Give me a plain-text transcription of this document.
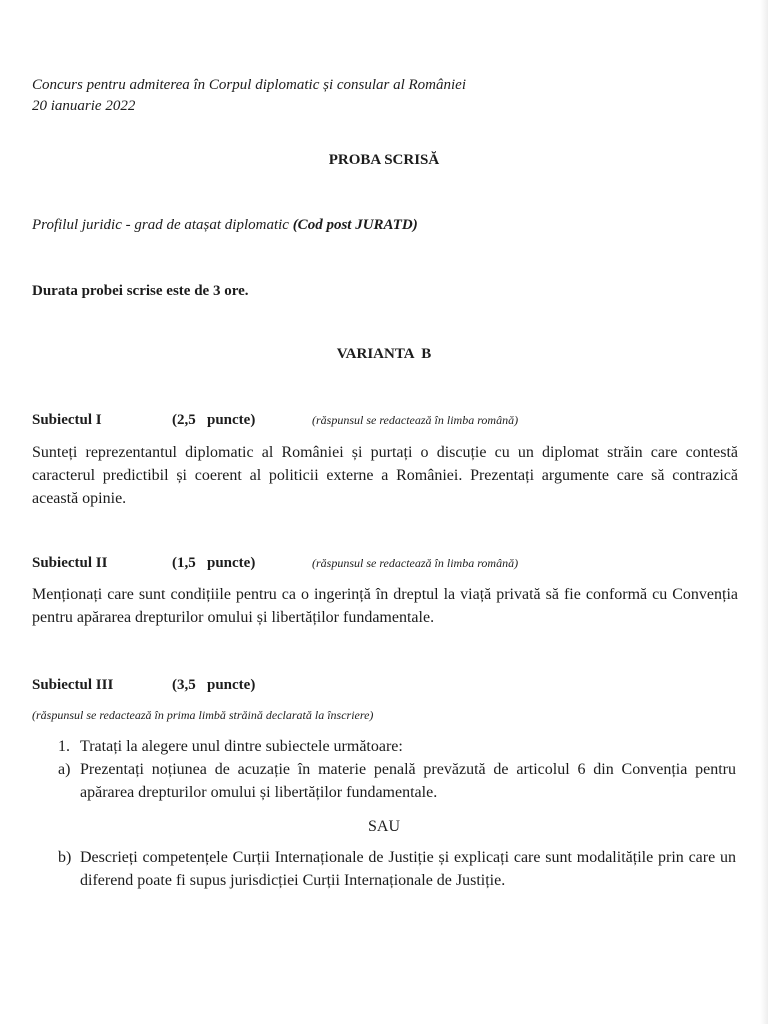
Concurs pentru admiterea în Corpul diplomatic și consular al României
20 ianuarie 2022
PROBA SCRISĂ
Profilul juridic - grad de atașat diplomatic (Cod post JURATD)
Durata probei scrise este de 3 ore.
VARIANTA  B
Subiectul I	(2,5   puncte)	(răspunsul se redactează în limba română)
Sunteți reprezentantul diplomatic al României și purtați o discuție cu un diplomat străin care contestă caracterul predictibil și coerent al politicii externe a României. Prezentați argumente care să contrazică această opinie.
Subiectul II	(1,5   puncte)	(răspunsul se redactează în limba română)
Menționați care sunt condițiile pentru ca o ingerință în dreptul la viață privată să fie conformă cu Convenția pentru apărarea drepturilor omului și libertăților fundamentale.
Subiectul III	(3,5   puncte)
(răspunsul se redactează în prima limbă străină declarată la înscriere)
1. Tratați la alegere unul dintre subiectele următoare:
a) Prezentați noțiunea de acuzație în materie penală prevăzută de articolul 6 din Convenția pentru apărarea drepturilor omului și libertăților fundamentale.
SAU
b) Descrieți competențele Curții Internaționale de Justiție și explicați care sunt modalitățile prin care un diferend poate fi supus jurisdicției Curții Internaționale de Justiție.
